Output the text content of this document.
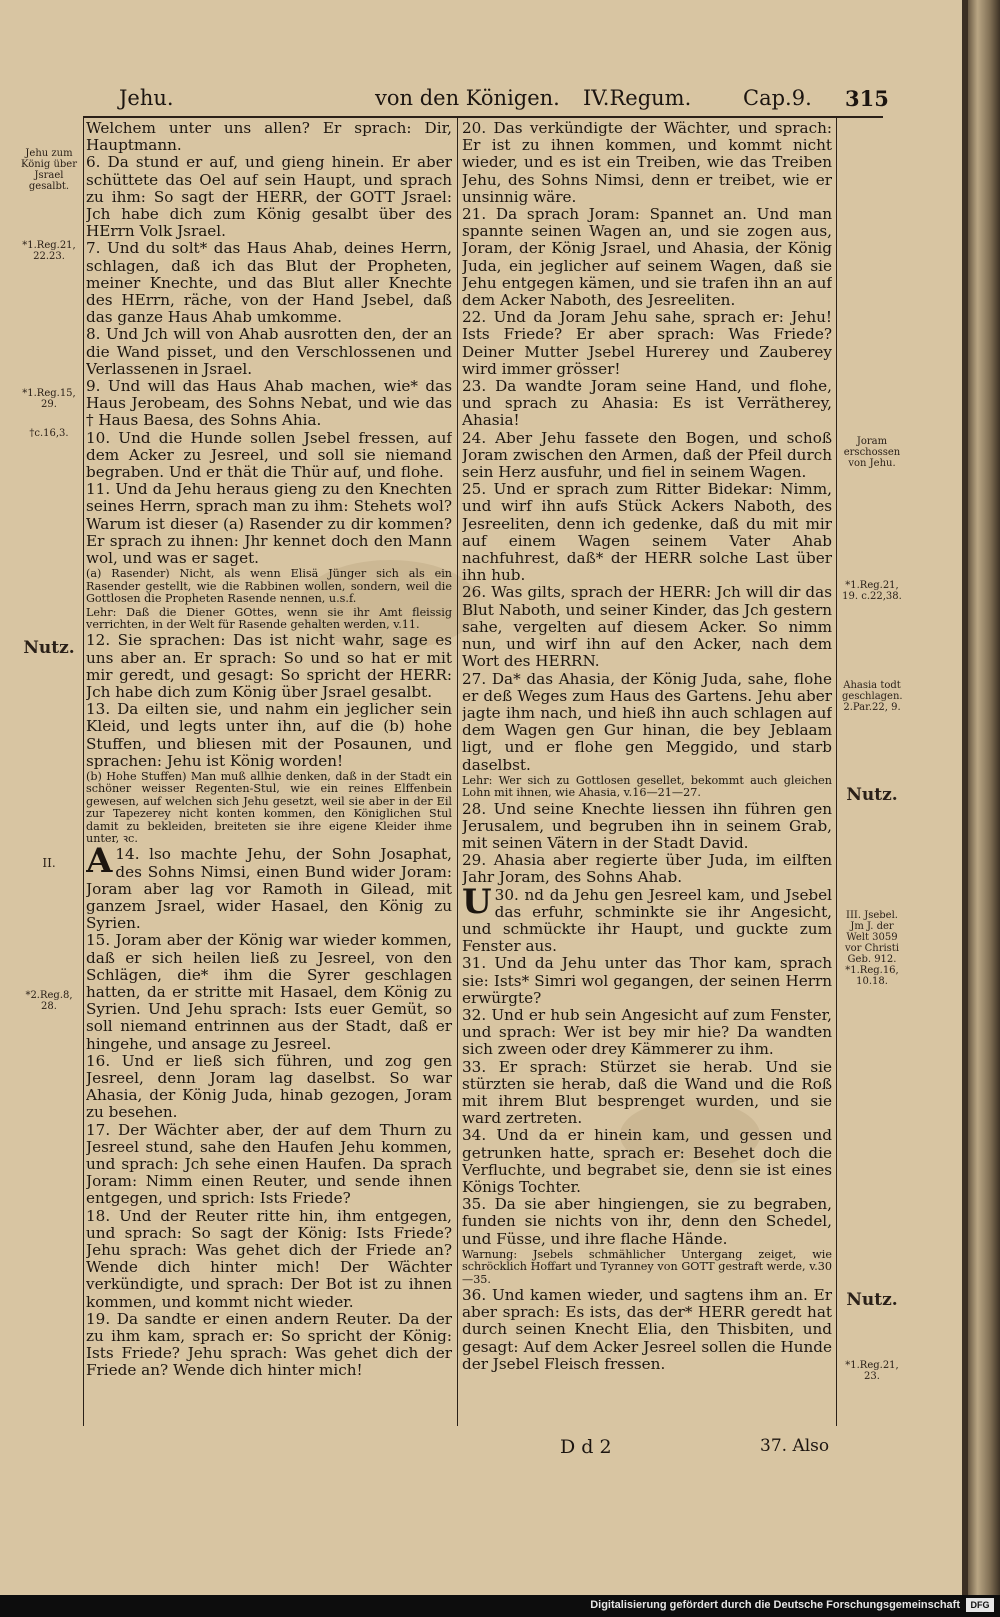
Jehu.	von den Königen. IV.Regum. Cap.9. 315
Jehu zum König über Jsrael gesalbt.
*1.Reg.21, 22.23.
*1.Reg.15, 29.
†c.16,3.
Nutz.
II.
*2.Reg.8, 28.
Joram erschossen von Jehu.
*1.Reg.21, 19. c.22,38.
Ahasia todt geschlagen. 2.Par.22, 9.
Nutz.
III. Jsebel. Jm J. der Welt 3059 vor Christi Geb. 912. *1.Reg.16, 10.18.
Nutz.
*1.Reg.21, 23.

Welchem unter uns allen? Er sprach: Dir, Hauptmann.

6. Da stund er auf, und gieng hinein. Er aber schüttete das Oel auf sein Haupt, und sprach zu ihm: So sagt der HERR, der GOTT Jsrael: Jch habe dich zum König gesalbt über des HErrn Volk Jsrael.

7. Und du solt* das Haus Ahab, deines Herrn, schlagen, daß ich das Blut der Propheten, meiner Knechte, und das Blut aller Knechte des HErrn, räche, von der Hand Jsebel, daß das ganze Haus Ahab umkomme.

8. Und Jch will von Ahab ausrotten den, der an die Wand pisset, und den Verschlossenen und Verlassenen in Jsrael.

9. Und will das Haus Ahab machen, wie* das Haus Jerobeam, des Sohns Nebat, und wie das † Haus Baesa, des Sohns Ahia.

10. Und die Hunde sollen Jsebel fressen, auf dem Acker zu Jesreel, und soll sie niemand begraben. Und er thät die Thür auf, und flohe.

11. Und da Jehu heraus gieng zu den Knechten seines Herrn, sprach man zu ihm: Stehets wol? Warum ist dieser (a) Rasender zu dir kommen? Er sprach zu ihnen: Jhr kennet doch den Mann wol, und was er saget.

(a) Rasender) Nicht, als wenn Elisä Jünger sich als ein Rasender gestellt, wie die Rabbinen wollen, sondern, weil die Gottlosen die Propheten Rasende nennen, u.s.f.

Lehr: Daß die Diener GOttes, wenn sie ihr Amt fleissig verrichten, in der Welt für Rasende gehalten werden, v.11.

12. Sie sprachen: Das ist nicht wahr, sage es uns aber an. Er sprach: So und so hat er mit mir geredt, und gesagt: So spricht der HERR: Jch habe dich zum König über Jsrael gesalbt.

13. Da eilten sie, und nahm ein jeglicher sein Kleid, und legts unter ihn, auf die (b) hohe Stuffen, und bliesen mit der Posaunen, und sprachen: Jehu ist König worden!

(b) Hohe Stuffen) Man muß allhie denken, daß in der Stadt ein schöner weisser Regenten-Stul, wie ein reines Elffenbein gewesen, auf welchen sich Jehu gesetzt, weil sie aber in der Eil zur Tapezerey nicht konten kommen, den Königlichen Stul damit zu bekleiden, breiteten sie ihre eigene Kleider ihme unter, ꝛc.

A 14. lso machte Jehu, der Sohn Josaphat, des Sohns Nimsi, einen Bund wider Joram: Joram aber lag vor Ramoth in Gilead, mit ganzem Jsrael, wider Hasael, den König zu Syrien.

15. Joram aber der König war wieder kommen, daß er sich heilen ließ zu Jesreel, von den Schlägen, die* ihm die Syrer geschlagen hatten, da er stritte mit Hasael, dem König zu Syrien. Und Jehu sprach: Ists euer Gemüt, so soll niemand entrinnen aus der Stadt, daß er hingehe, und ansage zu Jesreel.

16. Und er ließ sich führen, und zog gen Jesreel, denn Joram lag daselbst. So war Ahasia, der König Juda, hinab gezogen, Joram zu besehen.

17. Der Wächter aber, der auf dem Thurn zu Jesreel stund, sahe den Haufen Jehu kommen, und sprach: Jch sehe einen Haufen. Da sprach Joram: Nimm einen Reuter, und sende ihnen entgegen, und sprich: Ists Friede?

18. Und der Reuter ritte hin, ihm entgegen, und sprach: So sagt der König: Ists Friede? Jehu sprach: Was gehet dich der Friede an? Wende dich hinter mich! Der Wächter verkündigte, und sprach: Der Bot ist zu ihnen kommen, und kommt nicht wieder.

19. Da sandte er einen andern Reuter. Da der zu ihm kam, sprach er: So spricht der König: Ists Friede? Jehu sprach: Was gehet dich der Friede an? Wende dich hinter mich!

20. Das verkündigte der Wächter, und sprach: Er ist zu ihnen kommen, und kommt nicht wieder, und es ist ein Treiben, wie das Treiben Jehu, des Sohns Nimsi, denn er treibet, wie er unsinnig wäre.

21. Da sprach Joram: Spannet an. Und man spannte seinen Wagen an, und sie zogen aus, Joram, der König Jsrael, und Ahasia, der König Juda, ein jeglicher auf seinem Wagen, daß sie Jehu entgegen kämen, und sie trafen ihn an auf dem Acker Naboth, des Jesreeliten.

22. Und da Joram Jehu sahe, sprach er: Jehu! Ists Friede? Er aber sprach: Was Friede? Deiner Mutter Jsebel Hurerey und Zauberey wird immer grösser!

23. Da wandte Joram seine Hand, und flohe, und sprach zu Ahasia: Es ist Verrätherey, Ahasia!

24. Aber Jehu fassete den Bogen, und schoß Joram zwischen den Armen, daß der Pfeil durch sein Herz ausfuhr, und fiel in seinem Wagen.

25. Und er sprach zum Ritter Bidekar: Nimm, und wirf ihn aufs Stück Ackers Naboth, des Jesreeliten, denn ich gedenke, daß du mit mir auf einem Wagen seinem Vater Ahab nachfuhrest, daß* der HERR solche Last über ihn hub.

26. Was gilts, sprach der HERR: Jch will dir das Blut Naboth, und seiner Kinder, das Jch gestern sahe, vergelten auf diesem Acker. So nimm nun, und wirf ihn auf den Acker, nach dem Wort des HERRN.

27. Da* das Ahasia, der König Juda, sahe, flohe er deß Weges zum Haus des Gartens. Jehu aber jagte ihm nach, und hieß ihn auch schlagen auf dem Wagen gen Gur hinan, die bey Jeblaam ligt, und er flohe gen Meggido, und starb daselbst.

Lehr: Wer sich zu Gottlosen gesellet, bekommt auch gleichen Lohn mit ihnen, wie Ahasia, v.16—21—27.

28. Und seine Knechte liessen ihn führen gen Jerusalem, und begruben ihn in seinem Grab, mit seinen Vätern in der Stadt David.

29. Ahasia aber regierte über Juda, im eilften Jahr Joram, des Sohns Ahab.

U 30. nd da Jehu gen Jesreel kam, und Jsebel das erfuhr, schminkte sie ihr Angesicht, und schmückte ihr Haupt, und guckte zum Fenster aus.

31. Und da Jehu unter das Thor kam, sprach sie: Ists* Simri wol gegangen, der seinen Herrn erwürgte?

32. Und er hub sein Angesicht auf zum Fenster, und sprach: Wer ist bey mir hie? Da wandten sich zween oder drey Kämmerer zu ihm.

33. Er sprach: Stürzet sie herab. Und sie stürzten sie herab, daß die Wand und die Roß mit ihrem Blut besprenget wurden, und sie ward zertreten.

34. Und da er hinein kam, und gessen und getrunken hatte, sprach er: Besehet doch die Verfluchte, und begrabet sie, denn sie ist eines Königs Tochter.

35. Da sie aber hingiengen, sie zu begraben, funden sie nichts von ihr, denn den Schedel, und Füsse, und ihre flache Hände.

Warnung: Jsebels schmählicher Untergang zeiget, wie schröcklich Hoffart und Tyranney von GOTT gestraft werde, v.30—35.

36. Und kamen wieder, und sagtens ihm an. Er aber sprach: Es ists, das der* HERR geredt hat durch seinen Knecht Elia, den Thisbiten, und gesagt: Auf dem Acker Jesreel sollen die Hunde der Jsebel Fleisch fressen.

D d 2	37. Also
Digitalisierung gefördert durch die Deutsche Forschungsgemeinschaft	DFG
